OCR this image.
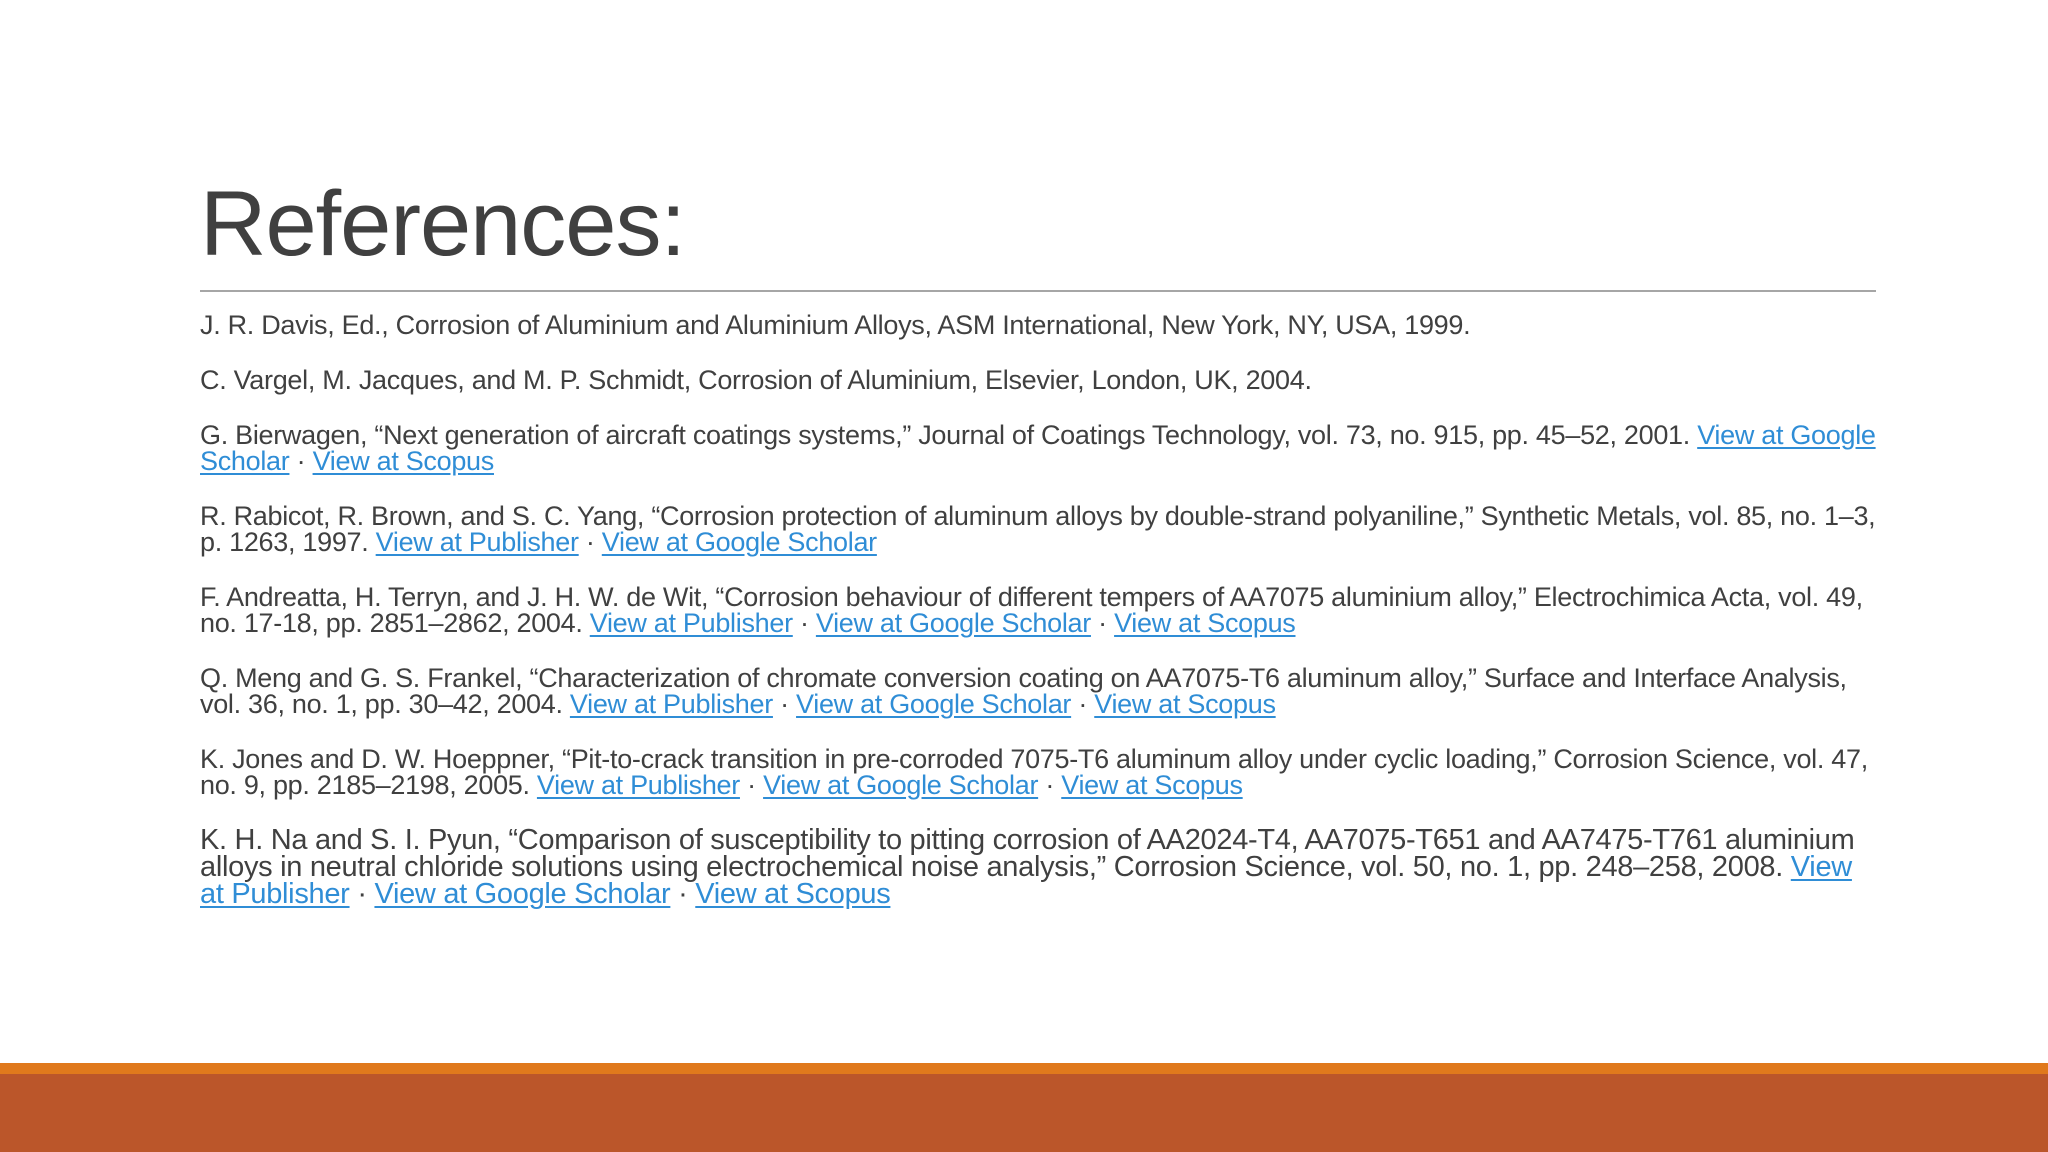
References:
J. R. Davis, Ed., Corrosion of Aluminium and Aluminium Alloys, ASM International, New York, NY, USA, 1999.
C. Vargel, M. Jacques, and M. P. Schmidt, Corrosion of Aluminium, Elsevier, London, UK, 2004.
G. Bierwagen, “Next generation of aircraft coatings systems,” Journal of Coatings Technology, vol. 73, no. 915, pp. 45–52, 2001. View at Google Scholar · View at Scopus
R. Rabicot, R. Brown, and S. C. Yang, “Corrosion protection of aluminum alloys by double-strand polyaniline,” Synthetic Metals, vol. 85, no. 1–3, p. 1263, 1997. View at Publisher · View at Google Scholar
F. Andreatta, H. Terryn, and J. H. W. de Wit, “Corrosion behaviour of different tempers of AA7075 aluminium alloy,” Electrochimica Acta, vol. 49, no. 17-18, pp. 2851–2862, 2004. View at Publisher · View at Google Scholar · View at Scopus
Q. Meng and G. S. Frankel, “Characterization of chromate conversion coating on AA7075-T6 aluminum alloy,” Surface and Interface Analysis, vol. 36, no. 1, pp. 30–42, 2004. View at Publisher · View at Google Scholar · View at Scopus
K. Jones and D. W. Hoeppner, “Pit-to-crack transition in pre-corroded 7075-T6 aluminum alloy under cyclic loading,” Corrosion Science, vol. 47, no. 9, pp. 2185–2198, 2005. View at Publisher · View at Google Scholar · View at Scopus
K. H. Na and S. I. Pyun, “Comparison of susceptibility to pitting corrosion of AA2024-T4, AA7075-T651 and AA7475-T761 aluminium alloys in neutral chloride solutions using electrochemical noise analysis,” Corrosion Science, vol. 50, no. 1, pp. 248–258, 2008. View at Publisher · View at Google Scholar · View at Scopus
